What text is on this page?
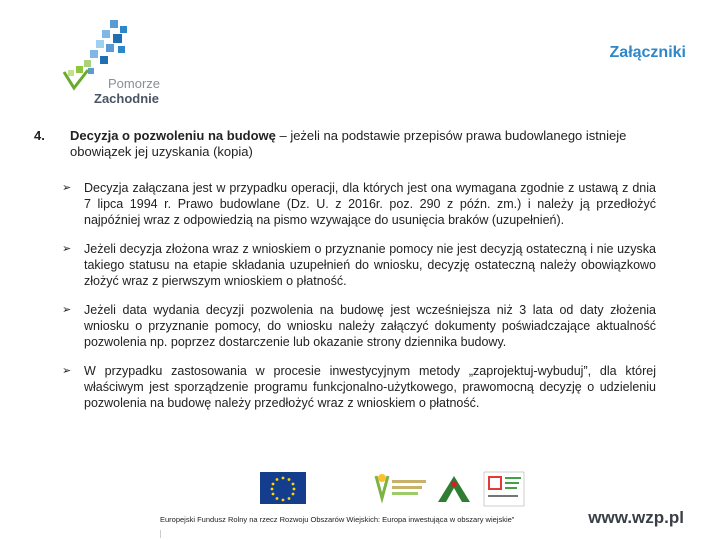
Pomorze
Zachodnie
Załączniki
4. Decyzja o pozwoleniu na budowę – jeżeli na podstawie przepisów prawa budowlanego istnieje obowiązek jej uzyskania (kopia)
➢ Decyzja załączana jest w przypadku operacji, dla których jest ona wymagana zgodnie z ustawą z dnia 7 lipca 1994 r. Prawo budowlane (Dz. U. z 2016r. poz. 290 z późn. zm.) i należy ją przedłożyć najpóźniej wraz z odpowiedzią na pismo wzywające do usunięcia braków (uzupełnień).
➢ Jeżeli decyzja złożona wraz z wnioskiem o przyznanie pomocy nie jest decyzją ostateczną i nie uzyska takiego statusu na etapie składania uzupełnień do wniosku, decyzję ostateczną należy obowiązkowo złożyć wraz z pierwszym wnioskiem o płatność.
➢ Jeżeli data wydania decyzji pozwolenia na budowę jest wcześniejsza niż 3 lata od daty złożenia wniosku o przyznanie pomocy, do wniosku należy załączyć dokumenty poświadczające aktualność pozwolenia np. poprzez dostarczenie lub okazanie strony dziennika budowy.
➢ W przypadku zastosowania w procesie inwestycyjnym metody „zaprojektuj-wybuduj”, dla której właściwym jest sporządzenie programu funkcjonalno-użytkowego, prawomocną decyzję o udzieleniu pozwolenia na budowę należy przedłożyć wraz z wnioskiem o płatność.
Europejski Fundusz Rolny na rzecz Rozwoju Obszarów Wiejskich: Europa inwestująca w obszary wiejskie”	www.wzp.pl
